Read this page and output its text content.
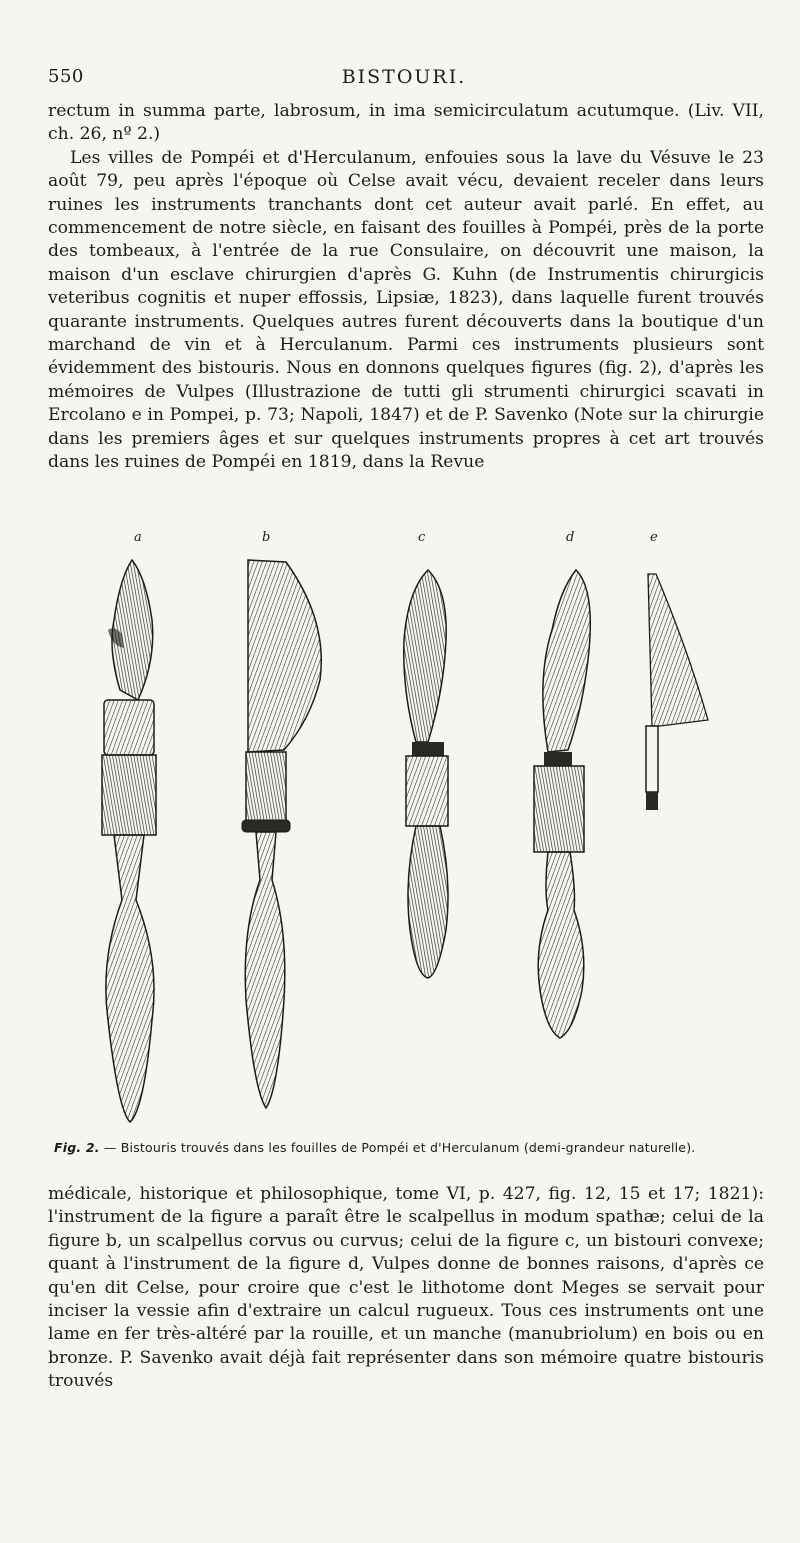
550	BISTOURI.

rectum in summa parte, labrosum, in ima semicirculatum acutumque. (Liv. VII, ch. 26, nº 2.)

Les villes de Pompéi et d'Herculanum, enfouies sous la lave du Vésuve le 23 août 79, peu après l'époque où Celse avait vécu, devaient receler dans leurs ruines les instruments tranchants dont cet auteur avait parlé. En effet, au commencement de notre siècle, en faisant des fouilles à Pompéi, près de la porte des tombeaux, à l'entrée de la rue Consulaire, on découvrit une maison, la maison d'un esclave chirurgien d'après G. Kuhn (de Instrumentis chirurgicis veteribus cognitis et nuper effossis, Lipsiæ, 1823), dans laquelle furent trouvés quarante instruments. Quelques autres furent découverts dans la boutique d'un marchand de vin et à Herculanum. Parmi ces instruments plusieurs sont évidemment des bistouris. Nous en donnons quelques figures (fig. 2), d'après les mémoires de Vulpes (Illustrazione de tutti gli strumenti chirurgici scavati in Ercolano e in Pompei, p. 73; Napoli, 1847) et de P. Savenko (Note sur la chirurgie dans les premiers âges et sur quelques instruments propres à cet art trouvés dans les ruines de Pompéi en 1819, dans la Revue

a	b	c	d	e
Fig. 2. — Bistouris trouvés dans les fouilles de Pompéi et d'Herculanum (demi-grandeur naturelle).

médicale, historique et philosophique, tome VI, p. 427, fig. 12, 15 et 17; 1821): l'instrument de la figure a paraît être le scalpellus in modum spathæ; celui de la figure b, un scalpellus corvus ou curvus; celui de la figure c, un bistouri convexe; quant à l'instrument de la figure d, Vulpes donne de bonnes raisons, d'après ce qu'en dit Celse, pour croire que c'est le lithotome dont Meges se servait pour inciser la vessie afin d'extraire un calcul rugueux. Tous ces instruments ont une lame en fer très-altéré par la rouille, et un manche (manubriolum) en bois ou en bronze. P. Savenko avait déjà fait représenter dans son mémoire quatre bistouris trouvés
